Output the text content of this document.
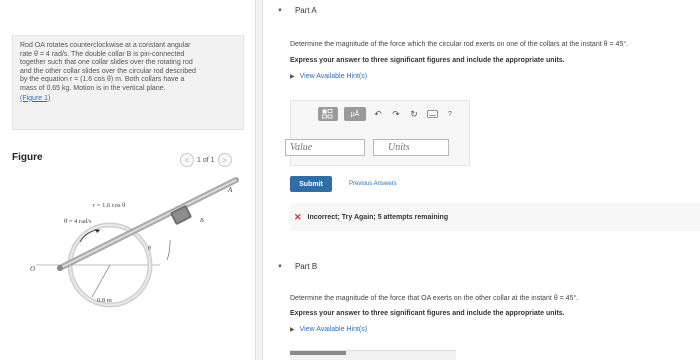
Rod OA rotates counterclockwise at a constant angular
rate θ̇ = 4 rad/s. The double collar B is pin-connected
together such that one collar slides over the rotating rod
and the other collar slides over the circular rod described
by the equation r = (1.6 cos θ) m. Both collars have a
mass of 0.65 kg. Motion is in the vertical plane.
(Figure 1)
Figure	<	1 of 1 >
O
A
B
θ
r = 1.6 cos θ
θ̇ = 4 rad/s
0.8 m
▼ Part A
Determine the magnitude of the force which the circular rod exerts on one of the collars at the instant θ = 45°.
Express your answer to three significant figures and include the appropriate units.
▶ View Available Hint(s)
μÅ	↶ ↷ ↻	?
Value
Units
Submit	Previous Answers
✕ Incorrect; Try Again; 5 attempts remaining
▼ Part B
Determine the magnitude of the force that OA exerts on the other collar at the instant θ = 45°.
Express your answer to three significant figures and include the appropriate units.
▶ View Available Hint(s)
